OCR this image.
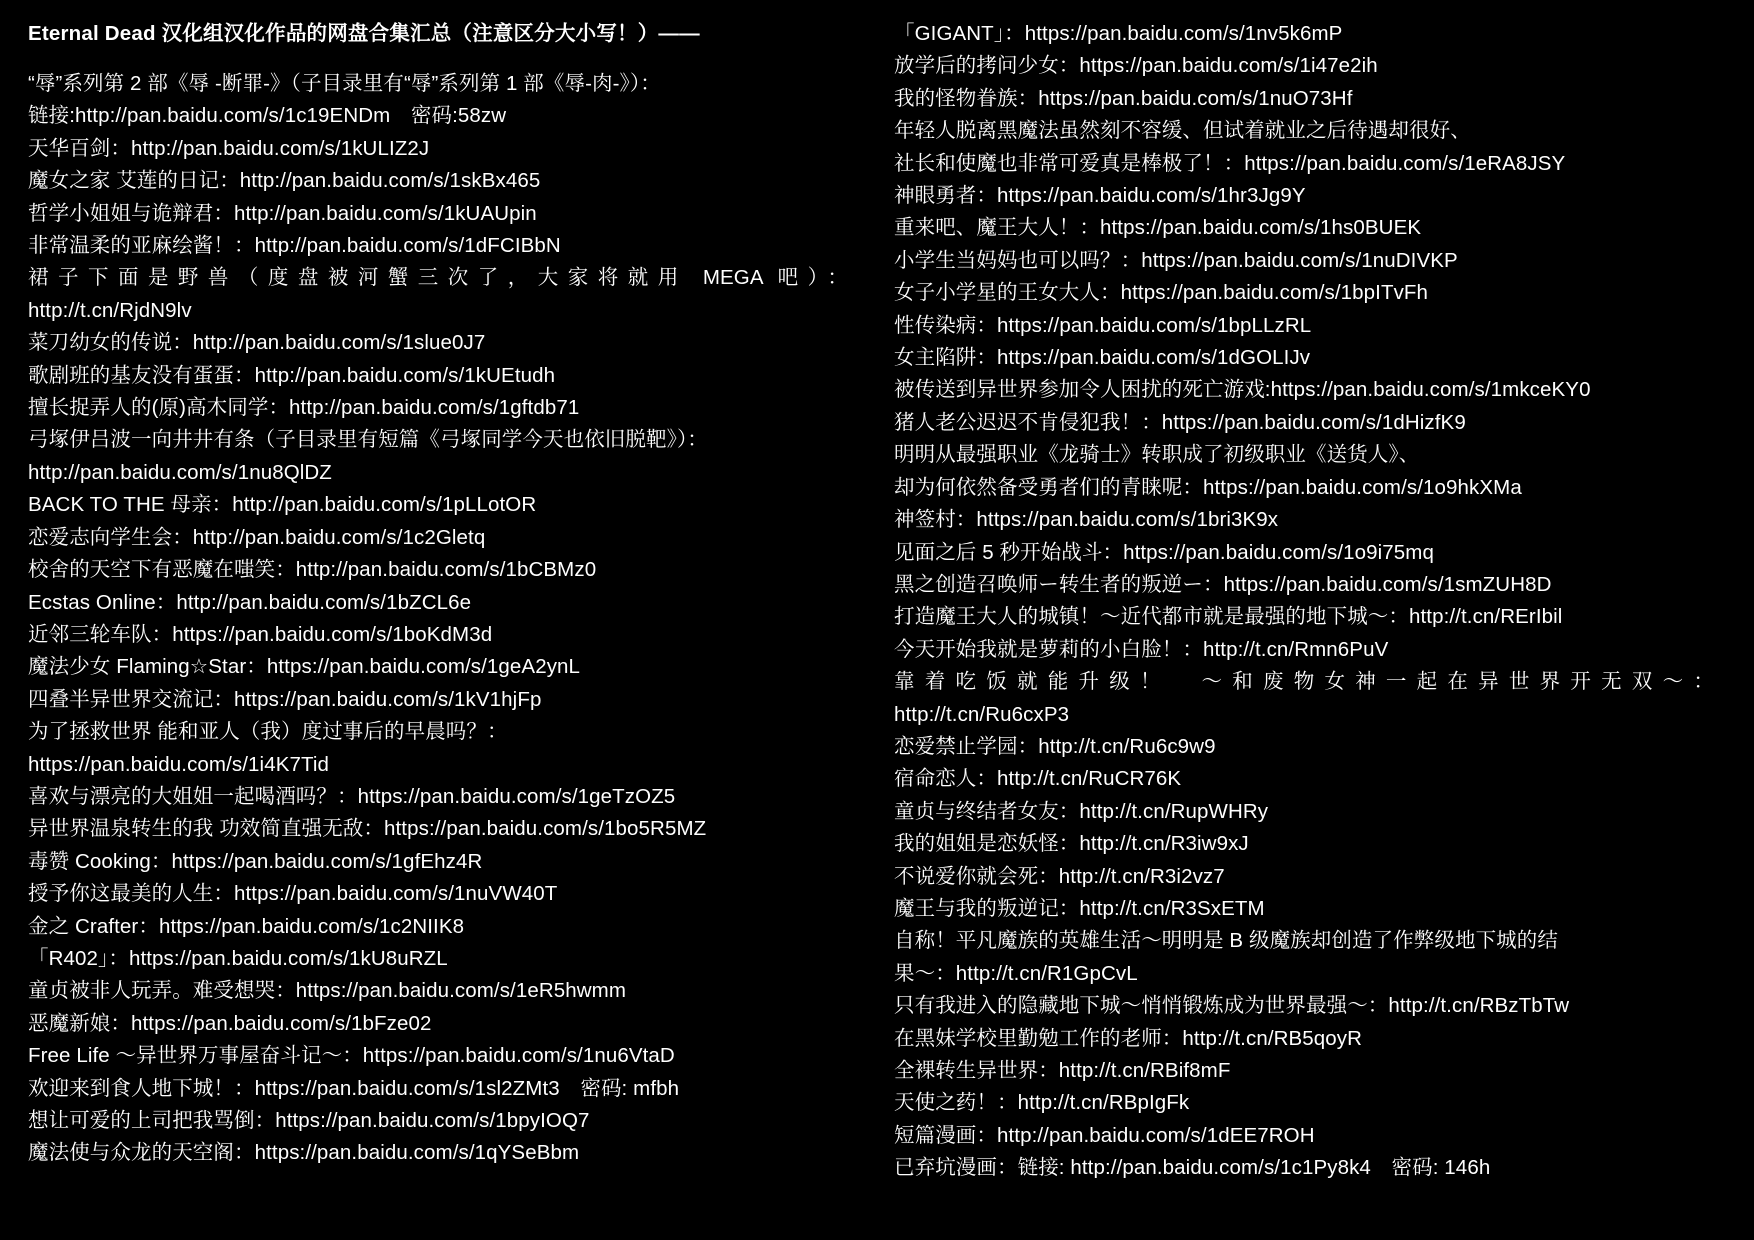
Eternal Dead 汉化组汉化作品的网盘合集汇总（注意区分大小写！）——

“辱”系列第 2 部《辱 -断罪-》（子目录里有“辱”系列第 1 部《辱-肉-》）：

链接:http://pan.baidu.com/s/1c19ENDm　密码:58zw

天华百剑：http://pan.baidu.com/s/1kULIZ2J

魔女之家 艾莲的日记：http://pan.baidu.com/s/1skBx465

哲学小姐姐与诡辩君：http://pan.baidu.com/s/1kUAUpin

非常温柔的亚麻绘酱！：http://pan.baidu.com/s/1dFCIBbN

裙子下面是野兽（度盘被河蟹三次了，大家将就用 MEGA 吧）：

http://t.cn/RjdN9lv

菜刀幼女的传说：http://pan.baidu.com/s/1slue0J7

歌剧班的基友没有蛋蛋：http://pan.baidu.com/s/1kUEtudh

擅长捉弄人的(原)高木同学：http://pan.baidu.com/s/1gftdb71

弓塚伊吕波一向井井有条（子目录里有短篇《弓塚同学今天也依旧脱靶》）：

http://pan.baidu.com/s/1nu8QlDZ

BACK TO THE 母亲：http://pan.baidu.com/s/1pLLotOR

恋爱志向学生会：http://pan.baidu.com/s/1c2Gletq

校舍的天空下有恶魔在嗤笑：http://pan.baidu.com/s/1bCBMz0

Ecstas Online：http://pan.baidu.com/s/1bZCL6e

近邻三轮车队：https://pan.baidu.com/s/1boKdM3d

魔法少女 Flaming☆Star：https://pan.baidu.com/s/1geA2ynL

四叠半异世界交流记：https://pan.baidu.com/s/1kV1hjFp

为了拯救世界 能和亚人（我）度过事后的早晨吗？：

https://pan.baidu.com/s/1i4K7Tid

喜欢与漂亮的大姐姐一起喝酒吗？：https://pan.baidu.com/s/1geTzOZ5

异世界温泉转生的我 功效简直强无敌：https://pan.baidu.com/s/1bo5R5MZ

毒赞 Cooking：https://pan.baidu.com/s/1gfEhz4R

授予你这最美的人生：https://pan.baidu.com/s/1nuVW40T

金之 Crafter：https://pan.baidu.com/s/1c2NIIK8

「R402」：https://pan.baidu.com/s/1kU8uRZL

童贞被非人玩弄。难受想哭：https://pan.baidu.com/s/1eR5hwmm

恶魔新娘：https://pan.baidu.com/s/1bFze02

Free Life 〜异世界万事屋奋斗记〜：https://pan.baidu.com/s/1nu6VtaD

欢迎来到食人地下城！：https://pan.baidu.com/s/1sl2ZMt3　密码: mfbh

想让可爱的上司把我骂倒：https://pan.baidu.com/s/1bpyIOQ7

魔法使与众龙的天空阁：https://pan.baidu.com/s/1qYSeBbm

「GIGANT」：https://pan.baidu.com/s/1nv5k6mP

放学后的拷问少女：https://pan.baidu.com/s/1i47e2ih

我的怪物眷族：https://pan.baidu.com/s/1nuO73Hf

年轻人脱离黑魔法虽然刻不容缓、但试着就业之后待遇却很好、

社长和使魔也非常可爱真是棒极了！：https://pan.baidu.com/s/1eRA8JSY

神眼勇者：https://pan.baidu.com/s/1hr3Jg9Y

重来吧、魔王大人！：https://pan.baidu.com/s/1hs0BUEK

小学生当妈妈也可以吗？：https://pan.baidu.com/s/1nuDIVKP

女子小学星的王女大人：https://pan.baidu.com/s/1bpITvFh

性传染病：https://pan.baidu.com/s/1bpLLzRL

女主陷阱：https://pan.baidu.com/s/1dGOLIJv

被传送到异世界参加令人困扰的死亡游戏:https://pan.baidu.com/s/1mkceKY0

猪人老公迟迟不肯侵犯我！：https://pan.baidu.com/s/1dHizfK9

明明从最强职业《龙骑士》转职成了初级职业《送货人》、

却为何依然备受勇者们的青睐呢：https://pan.baidu.com/s/1o9hkXMa

神签村：https://pan.baidu.com/s/1bri3K9x

见面之后 5 秒开始战斗：https://pan.baidu.com/s/1o9i75mq

黑之创造召唤师ー转生者的叛逆ー：https://pan.baidu.com/s/1smZUH8D

打造魔王大人的城镇！〜近代都市就是最强的地下城〜：http://t.cn/RErIbil

今天开始我就是萝莉的小白脸！：http://t.cn/Rmn6PuV

靠着吃饭就能升级！　〜和废物女神一起在异世界开无双〜：

http://t.cn/Ru6cxP3

恋爱禁止学园：http://t.cn/Ru6c9w9

宿命恋人：http://t.cn/RuCR76K

童贞与终结者女友：http://t.cn/RupWHRy

我的姐姐是恋妖怪：http://t.cn/R3iw9xJ

不说爱你就会死：http://t.cn/R3i2vz7

魔王与我的叛逆记：http://t.cn/R3SxETM

自称！平凡魔族的英雄生活〜明明是 B 级魔族却创造了作弊级地下城的结

果〜：http://t.cn/R1GpCvL

只有我进入的隐藏地下城〜悄悄锻炼成为世界最强〜：http://t.cn/RBzTbTw

在黑妹学校里勤勉工作的老师：http://t.cn/RB5qoyR

全裸转生异世界：http://t.cn/RBif8mF

天使之药！：http://t.cn/RBpIgFk

短篇漫画：http://pan.baidu.com/s/1dEE7ROH

已弃坑漫画：链接: http://pan.baidu.com/s/1c1Py8k4　密码: 146h
